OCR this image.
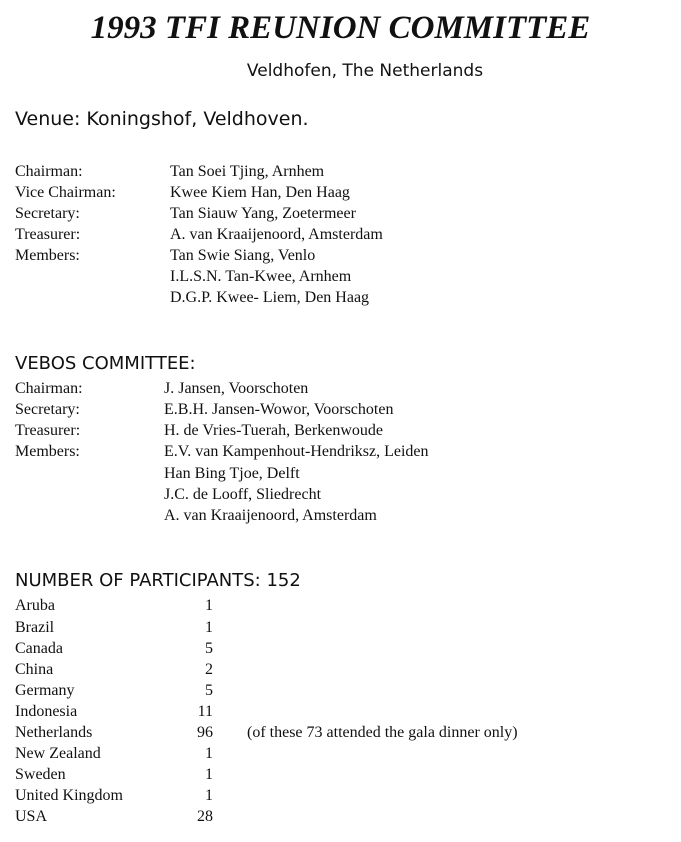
1993 TFI REUNION COMMITTEE
Veldhofen, The Netherlands
Venue: Koningshof, Veldhoven.
Chairman:	Tan Soei Tjing, Arnhem
Vice Chairman:	Kwee Kiem Han, Den Haag
Secretary:	Tan Siauw Yang, Zoetermeer
Treasurer:	A. van Kraaijenoord, Amsterdam
Members:	Tan Swie Siang, Venlo
I.L.S.N. Tan-Kwee, Arnhem
D.G.P. Kwee- Liem, Den Haag
VEBOS COMMITTEE:
Chairman:	J. Jansen, Voorschoten
Secretary:	E.B.H. Jansen-Wowor, Voorschoten
Treasurer:	H. de Vries-Tuerah, Berkenwoude
Members:	E.V. van Kampenhout-Hendriksz, Leiden
Han Bing Tjoe, Delft
J.C. de Looff, Sliedrecht
A. van Kraaijenoord, Amsterdam
NUMBER OF PARTICIPANTS: 152
Aruba	1
Brazil	1
Canada	5
China	2
Germany	5
Indonesia	11
Netherlands	96 (of these 73 attended the gala dinner only)
New Zealand	1
Sweden	1
United Kingdom	1
USA	28
